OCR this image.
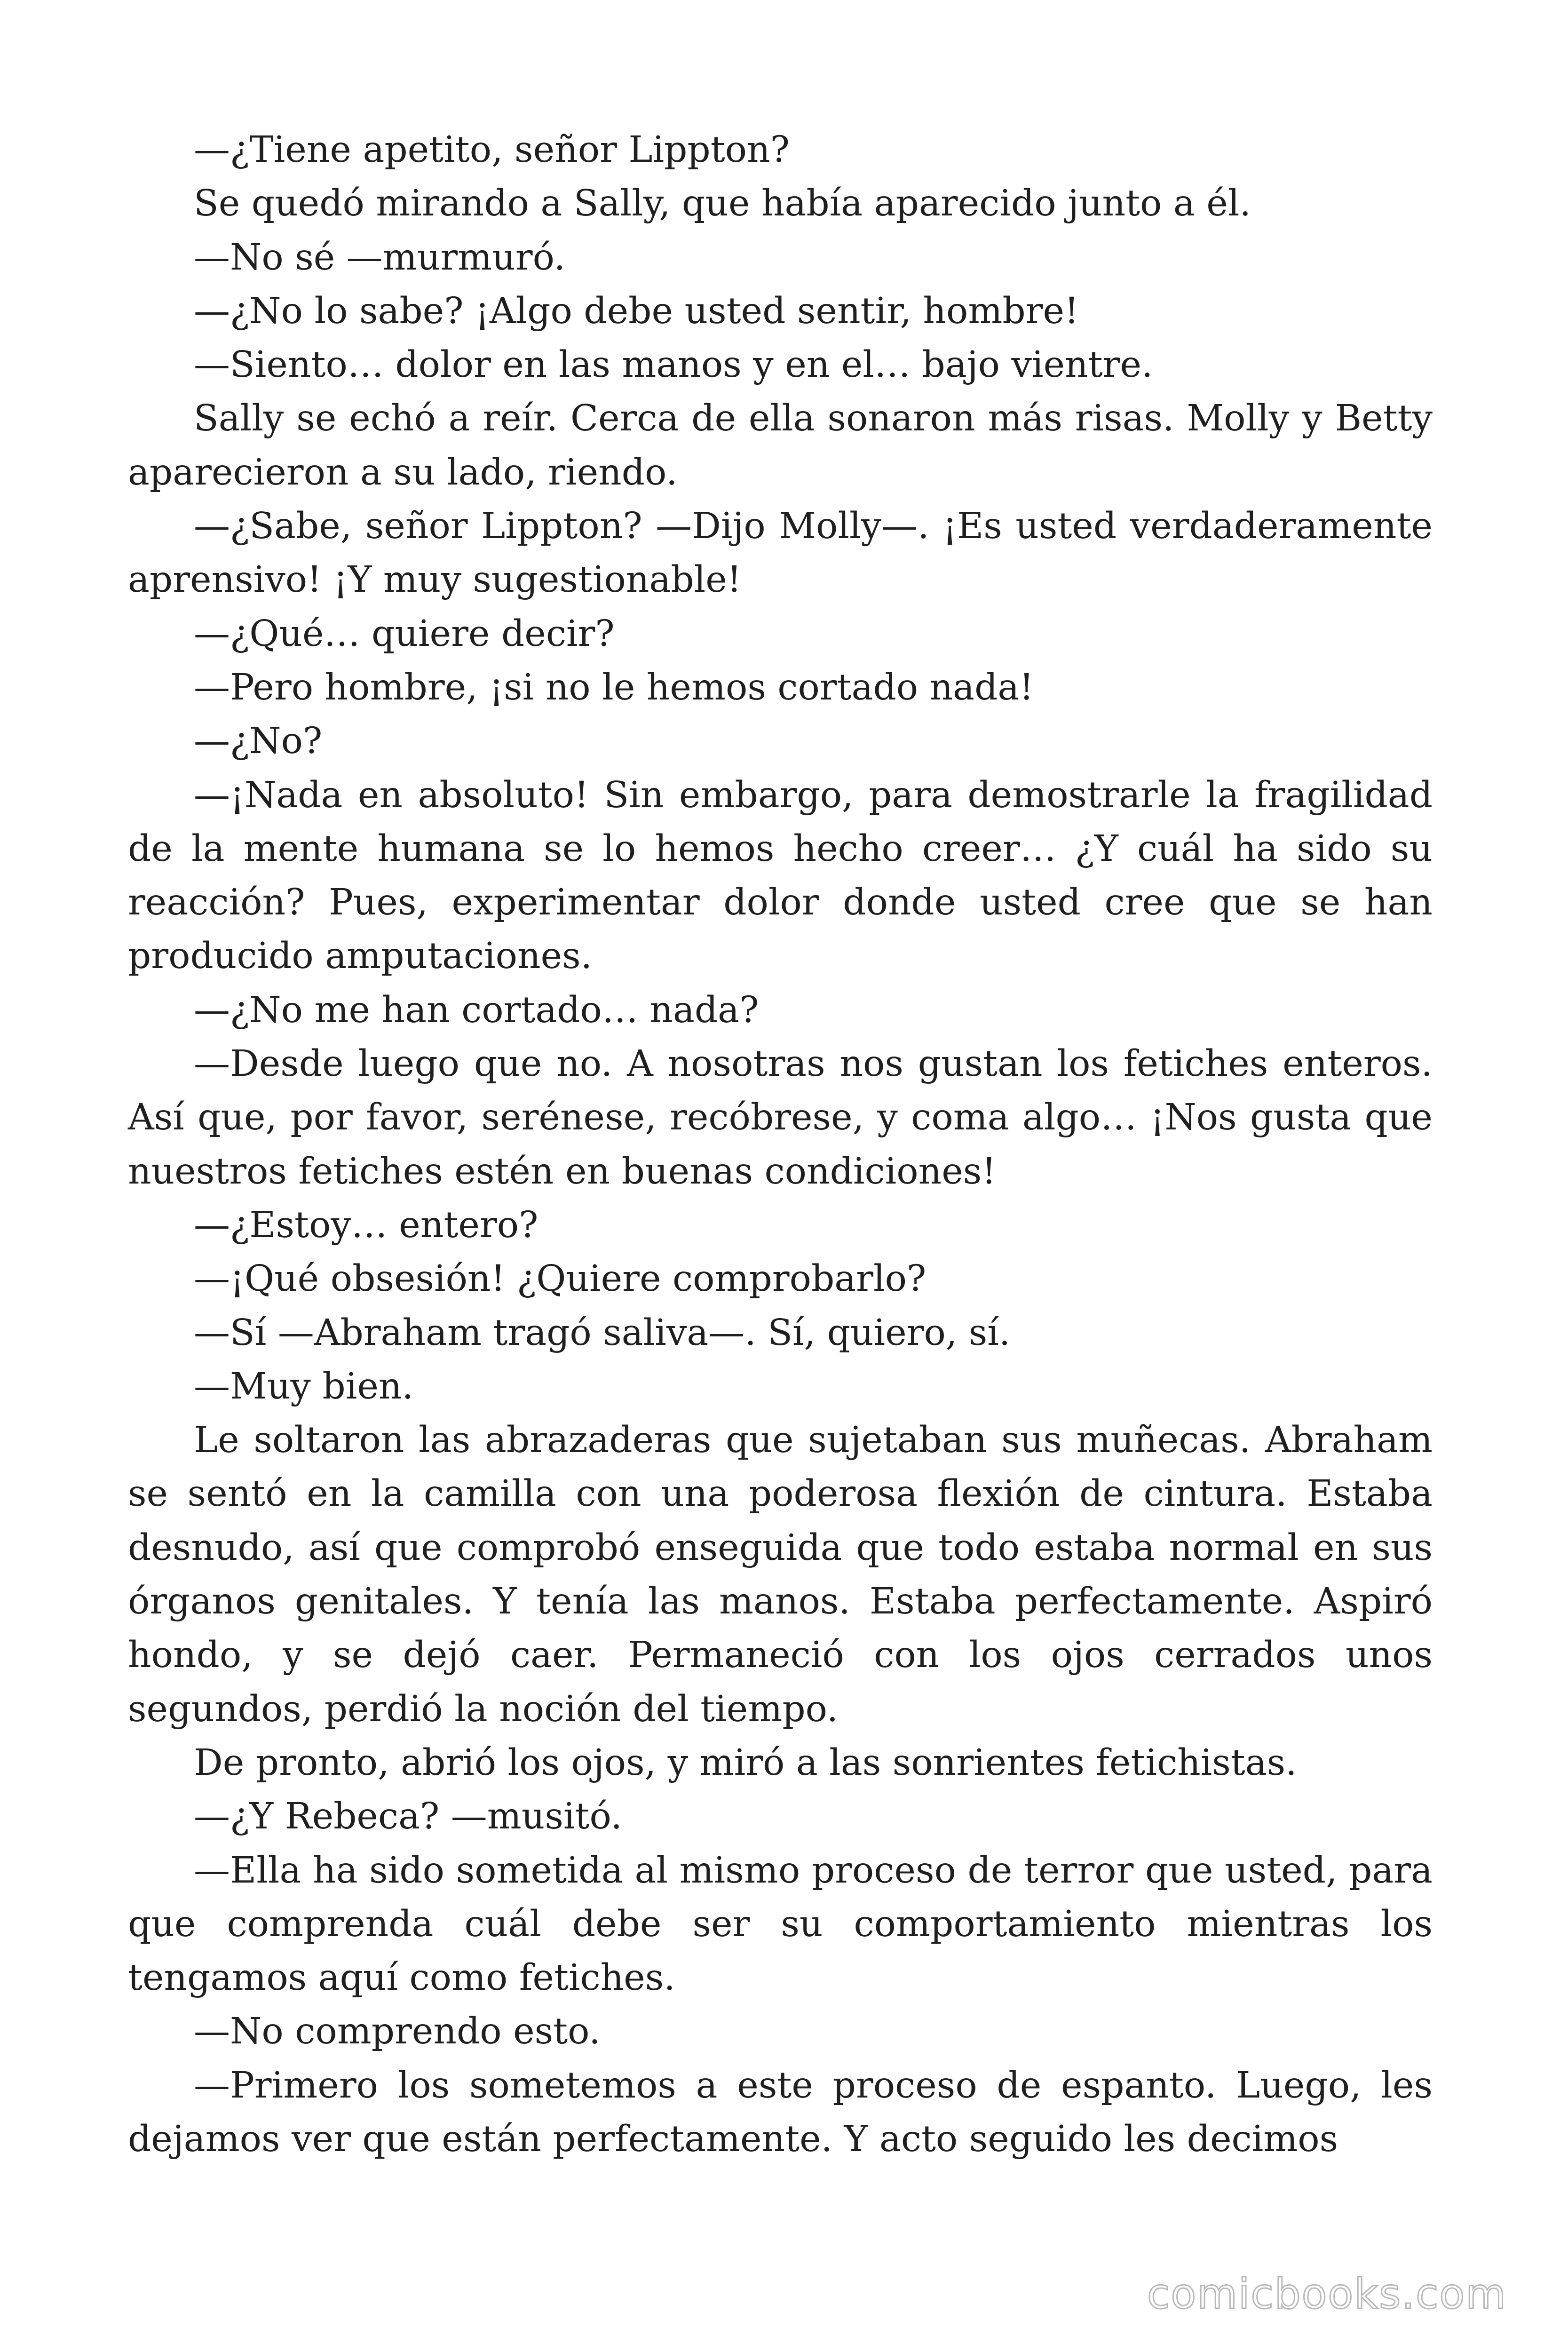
—¿Tiene apetito, señor Lippton?

Se quedó mirando a Sally, que había aparecido junto a él.

—No sé —murmuró.

—¿No lo sabe? ¡Algo debe usted sentir, hombre!

—Siento… dolor en las manos y en el… bajo vientre.

Sally se echó a reír. Cerca de ella sonaron más risas. Molly y Betty aparecieron a su lado, riendo.

—¿Sabe, señor Lippton? —Dijo Molly—. ¡Es usted verdaderamente aprensivo! ¡Y muy sugestionable!

—¿Qué… quiere decir?

—Pero hombre, ¡si no le hemos cortado nada!

—¿No?

—¡Nada en absoluto! Sin embargo, para demostrarle la fragilidad de la mente humana se lo hemos hecho creer… ¿Y cuál ha sido su reacción? Pues, experimentar dolor donde usted cree que se han producido amputaciones.

—¿No me han cortado… nada?

—Desde luego que no. A nosotras nos gustan los fetiches enteros. Así que, por favor, serénese, recóbrese, y coma algo… ¡Nos gusta que nuestros fetiches estén en buenas condiciones!

—¿Estoy… entero?

—¡Qué obsesión! ¿Quiere comprobarlo?

—Sí —Abraham tragó saliva—. Sí, quiero, sí.

—Muy bien.

Le soltaron las abrazaderas que sujetaban sus muñecas. Abraham se sentó en la camilla con una poderosa flexión de cintura. Estaba desnudo, así que comprobó enseguida que todo estaba normal en sus órganos genitales. Y tenía las manos. Estaba perfectamente. Aspiró hondo, y se dejó caer. Permaneció con los ojos cerrados unos segundos, perdió la noción del tiempo.

De pronto, abrió los ojos, y miró a las sonrientes fetichistas.

—¿Y Rebeca? —musitó.

—Ella ha sido sometida al mismo proceso de terror que usted, para que comprenda cuál debe ser su comportamiento mientras los tengamos aquí como fetiches.

—No comprendo esto.

—Primero los sometemos a este proceso de espanto. Luego, les dejamos ver que están perfectamente. Y acto seguido les decimos

comicbooks.com
